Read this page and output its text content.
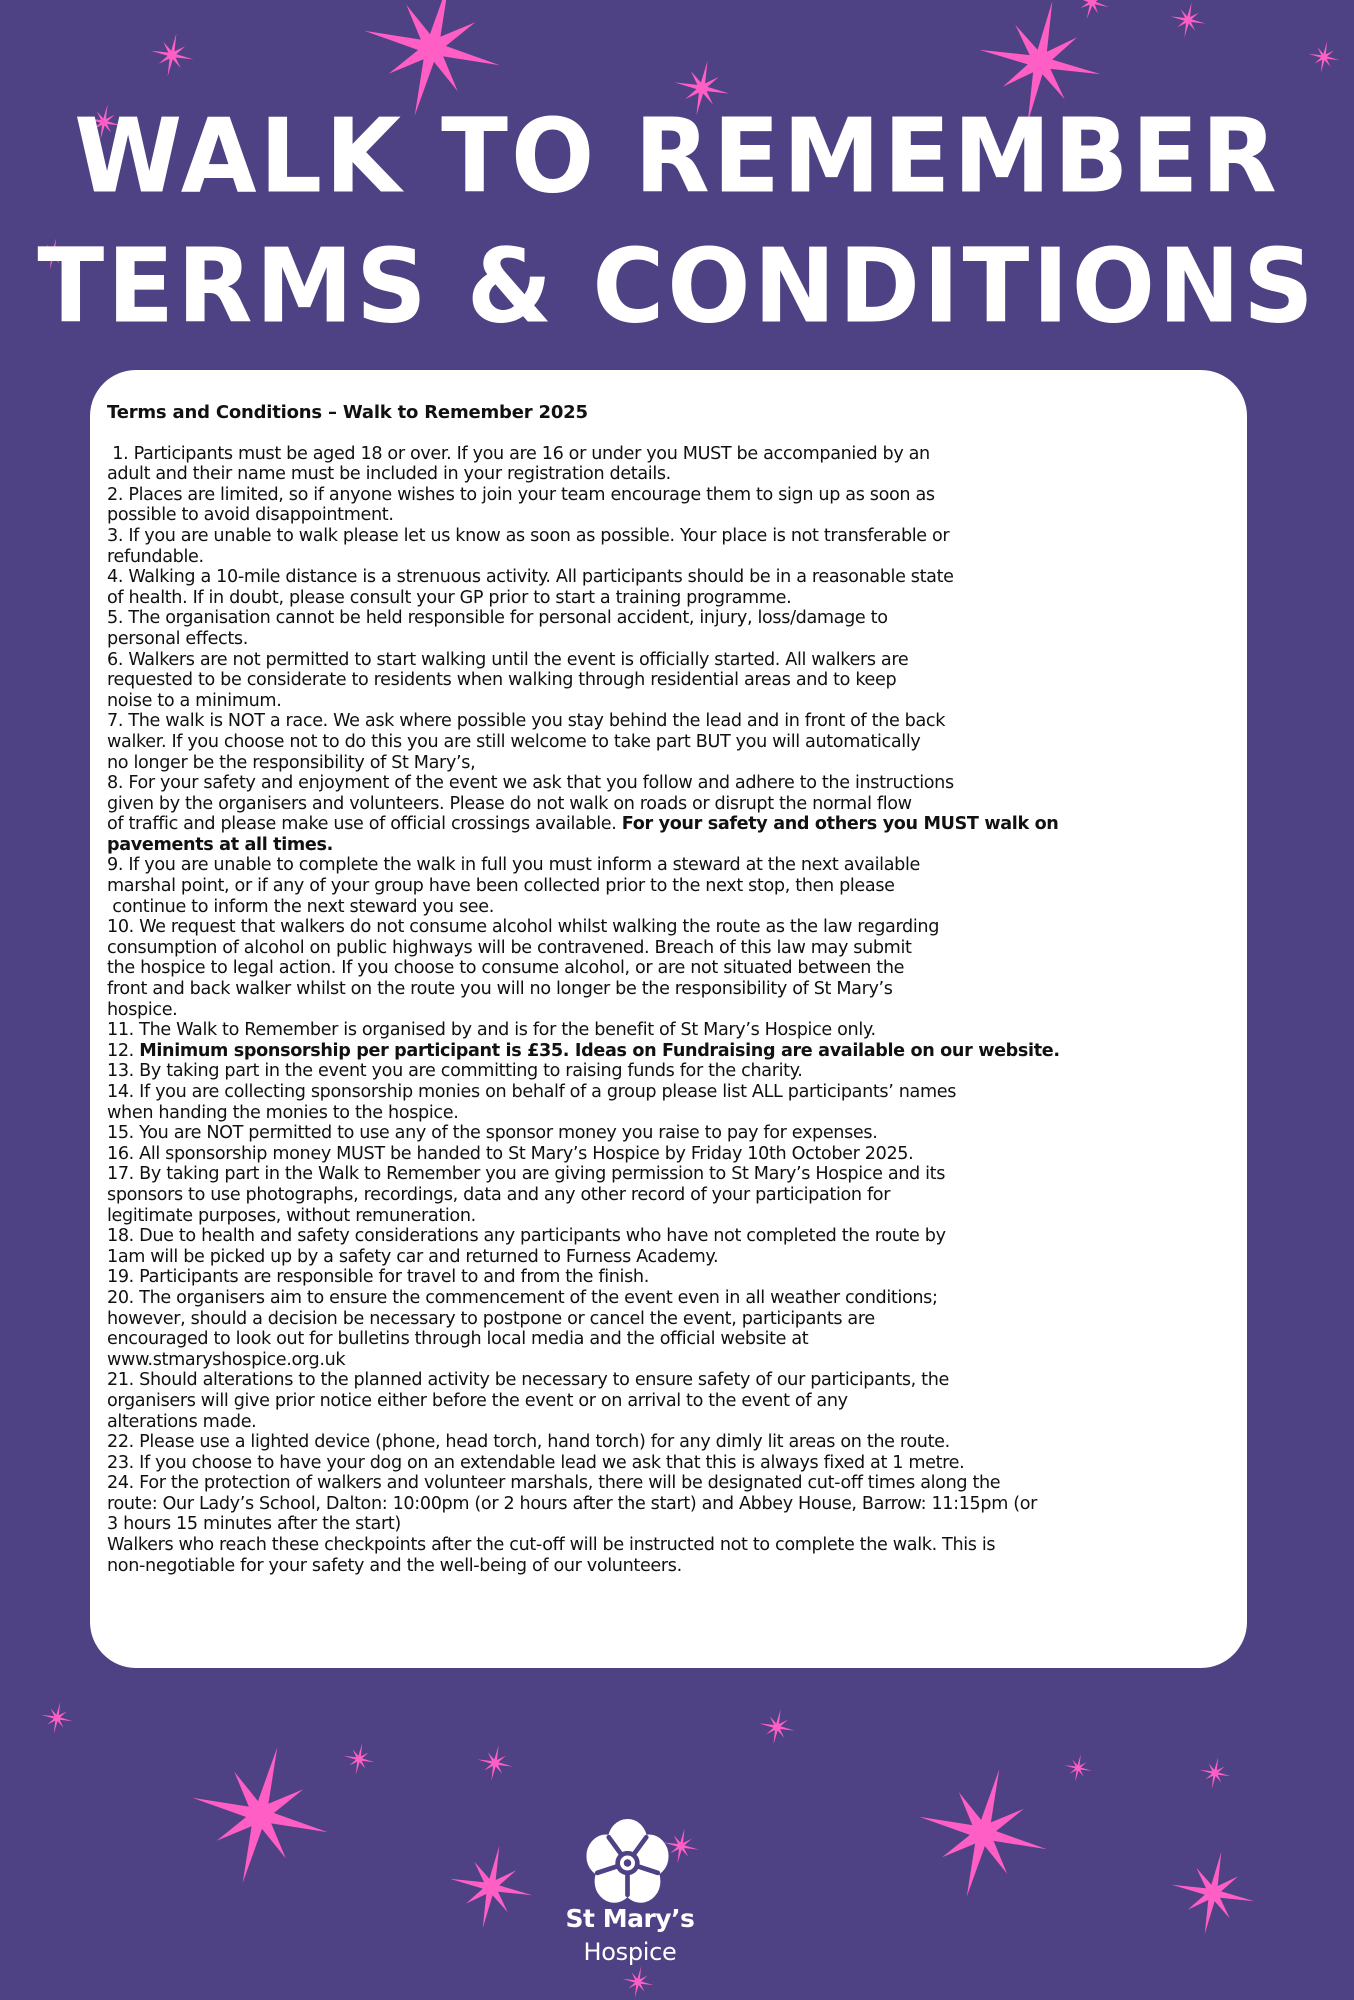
WALK TO REMEMBER
TERMS & CONDITIONS
Terms and Conditions – Walk to Remember 2025
1. Participants must be aged 18 or over. If you are 16 or under you MUST be accompanied by an
adult and their name must be included in your registration details.
2. Places are limited, so if anyone wishes to join your team encourage them to sign up as soon as
possible to avoid disappointment.
3. If you are unable to walk please let us know as soon as possible. Your place is not transferable or
refundable.
4. Walking a 10-mile distance is a strenuous activity. All participants should be in a reasonable state
of health. If in doubt, please consult your GP prior to start a training programme.
5. The organisation cannot be held responsible for personal accident, injury, loss/damage to
personal effects.
6. Walkers are not permitted to start walking until the event is officially started. All walkers are
requested to be considerate to residents when walking through residential areas and to keep
noise to a minimum.
7. The walk is NOT a race. We ask where possible you stay behind the lead and in front of the back
walker. If you choose not to do this you are still welcome to take part BUT you will automatically
no longer be the responsibility of St Mary’s,
8. For your safety and enjoyment of the event we ask that you follow and adhere to the instructions
given by the organisers and volunteers. Please do not walk on roads or disrupt the normal flow
of traffic and please make use of official crossings available. For your safety and others you MUST walk on
pavements at all times.
9. If you are unable to complete the walk in full you must inform a steward at the next available
marshal point, or if any of your group have been collected prior to the next stop, then please
continue to inform the next steward you see.
10. We request that walkers do not consume alcohol whilst walking the route as the law regarding
consumption of alcohol on public highways will be contravened. Breach of this law may submit
the hospice to legal action. If you choose to consume alcohol, or are not situated between the
front and back walker whilst on the route you will no longer be the responsibility of St Mary’s
hospice.
11. The Walk to Remember is organised by and is for the benefit of St Mary’s Hospice only.
12. Minimum sponsorship per participant is £35. Ideas on Fundraising are available on our website.
13. By taking part in the event you are committing to raising funds for the charity.
14. If you are collecting sponsorship monies on behalf of a group please list ALL participants’ names
when handing the monies to the hospice.
15. You are NOT permitted to use any of the sponsor money you raise to pay for expenses.
16. All sponsorship money MUST be handed to St Mary’s Hospice by Friday 10th October 2025.
17. By taking part in the Walk to Remember you are giving permission to St Mary’s Hospice and its
sponsors to use photographs, recordings, data and any other record of your participation for
legitimate purposes, without remuneration.
18. Due to health and safety considerations any participants who have not completed the route by
1am will be picked up by a safety car and returned to Furness Academy.
19. Participants are responsible for travel to and from the finish.
20. The organisers aim to ensure the commencement of the event even in all weather conditions;
however, should a decision be necessary to postpone or cancel the event, participants are
encouraged to look out for bulletins through local media and the official website at
www.stmaryshospice.org.uk
21. Should alterations to the planned activity be necessary to ensure safety of our participants, the
organisers will give prior notice either before the event or on arrival to the event of any
alterations made.
22. Please use a lighted device (phone, head torch, hand torch) for any dimly lit areas on the route.
23. If you choose to have your dog on an extendable lead we ask that this is always fixed at 1 metre.
24. For the protection of walkers and volunteer marshals, there will be designated cut-off times along the
route: Our Lady’s School, Dalton: 10:00pm (or 2 hours after the start) and Abbey House, Barrow: 11:15pm (or
3 hours 15 minutes after the start)
Walkers who reach these checkpoints after the cut-off will be instructed not to complete the walk. This is
non-negotiable for your safety and the well-being of our volunteers.
St Mary’s
Hospice
